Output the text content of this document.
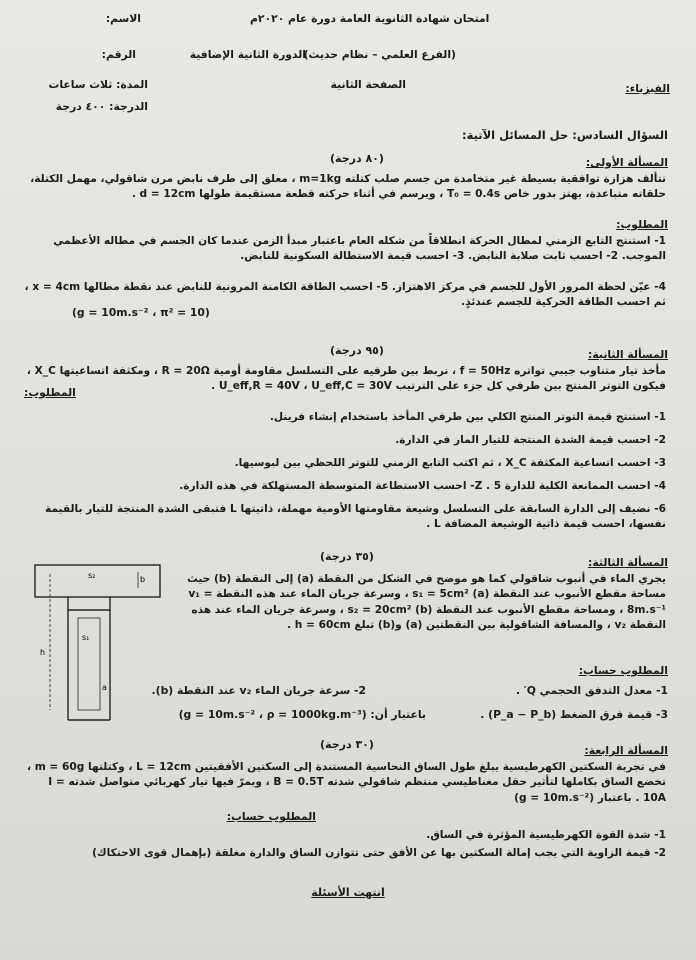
امتحان شهادة الثانوية العامة دورة عام ٢٠٢٠م
الاسم:
الرقم:	الدورة الثانية الإضافية
(الفرع العلمي – نظام حديث)
المدة: ثلاث ساعات	الصفحة الثانية	الفيزياء:
الدرجة: ٤٠٠ درجة
السؤال السادس: حل المسائل الآتية:
(٨٠ درجة)	المسألة الأولى:
تتألف هزازة توافقية بسيطة غير متخامدة من جسم صلب كتلته m=1kg ، معلق إلى طرف نابض مرن شاقولي، مهمل الكتلة، حلقاته متباعدة، يهتز بدور خاص T₀ = 0.4s ، ويرسم في أثناء حركته قطعة مستقيمة طولها d = 12cm .
المطلوب:
1- استنتج التابع الزمني لمطال الحركة انطلاقاً من شكله العام باعتبار مبدأ الزمن عندما كان الجسم في مطاله الأعظمي الموجب. 2- احسب ثابت صلابة النابض. 3- احسب قيمة الاستطالة السكونية للنابض.
4- عيّن لحظة المرور الأول للجسم في مركز الاهتزاز. 5- احسب الطاقة الكامنة المرونية للنابض عند نقطة مطالها x = 4cm ، ثم احسب الطاقة الحركية للجسم عندئذٍ.
(g = 10m.s⁻² ، π² = 10)
(٩٥ درجة)	المسألة الثانية:
مأخذ تيار متناوب جيبي تواتره f = 50Hz ، نربط بين طرفيه على التسلسل مقاومة أومية R = 20Ω ، ومكثفة اتساعيتها X_C ، فيكون التوتر المنتج بين طرفي كل جزء على الترتيب U_eff,R = 40V ، U_eff,C = 30V .
المطلوب:
1- استنتج قيمة التوتر المنتج الكلي بين طرفي المأخذ باستخدام إنشاء فرينل.
2- احسب قيمة الشدة المنتجة للتيار المار في الدارة.
3- احسب اتساعية المكثفة X_C ، ثم اكتب التابع الزمني للتوتر اللحظي بين لبوسيها.
4- احسب الممانعة الكلية للدارة Z . 5- احسب الاستطاعة المتوسطة المستهلكة في هذه الدارة.
6- نضيف إلى الدارة السابقة على التسلسل وشيعة مقاومتها الأومية مهملة، ذاتيتها L فتبقى الشدة المنتجة للتيار بالقيمة نفسها، احسب قيمة ذاتية الوشيعة المضافة L .
(٣٥ درجة)	المسألة الثالثة:
يجري الماء في أنبوب شاقولي كما هو موضح في الشكل من النقطة (a) إلى النقطة (b) حيث مساحة مقطع الأنبوب عند النقطة (a) s₁ = 5cm² ، وسرعة جريان الماء عند هذه النقطة v₁ = 8m.s⁻¹ ، ومساحة مقطع الأنبوب عند النقطة (b) s₂ = 20cm² ، وسرعة جريان الماء عند هذه النقطة v₂ ، والمسافة الشاقولية بين النقطتين (a) و(b) تبلغ h = 60cm .
s₂
s₁
h
b
a
المطلوب حساب:
1- معدل التدفق الحجمي Q′ .
2- سرعة جريان الماء v₂ عند النقطة (b).
3- قيمة فرق الضغط (P_a − P_b) .
باعتبار أن: (g = 10m.s⁻² ، ρ = 1000kg.m⁻³)
(٣٠ درجة)	المسألة الرابعة:
في تجربة السكتين الكهرطيسية يبلغ طول الساق النحاسية المستندة إلى السكتين الأفقيتين L = 12cm ، وكتلتها m = 60g ، تخضع الساق بكاملها لتأثير حقل مغناطيسي منتظم شاقولي شدته B = 0.5T ، ويمرّ فيها تيار كهربائي متواصل شدته I = 10A . باعتبار (g = 10m.s⁻²)
المطلوب حساب:
1- شدة القوة الكهرطيسية المؤثرة في الساق.
2- قيمة الزاوية التي يجب إمالة السكتين بها عن الأفق حتى تتوازن الساق والدارة مغلقة (بإهمال قوى الاحتكاك)
انتهت الأسئلة
